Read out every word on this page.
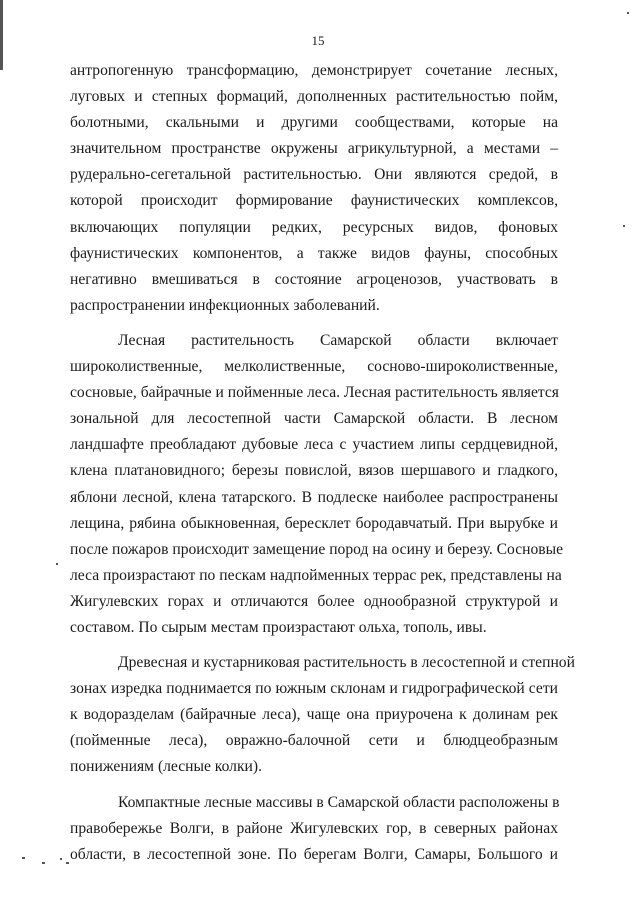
15
антропогенную трансформацию, демонстрирует сочетание лесных,
луговых и степных формаций, дополненных растительностью пойм,
болотными, скальными и другими сообществами, которые на
значительном пространстве окружены агрикультурной, а местами –
рудерально-сегетальной растительностью. Они являются средой, в
которой происходит формирование фаунистических комплексов,
включающих популяции редких, ресурсных видов, фоновых
фаунистических компонентов, а также видов фауны, способных
негативно вмешиваться в состояние агроценозов, участвовать в
распространении инфекционных заболеваний.
Лесная растительность Самарской области включает
широколиственные, мелколиственные, сосново-широколиственные,
сосновые, байрачные и пойменные леса. Лесная растительность является
зональной для лесостепной части Самарской области. В лесном
ландшафте преобладают дубовые леса с участием липы сердцевидной,
клена платановидного; березы повислой, вязов шершавого и гладкого,
яблони лесной, клена татарского. В подлеске наиболее распространены
лещина, рябина обыкновенная, бересклет бородавчатый. При вырубке и
после пожаров происходит замещение пород на осину и березу. Сосновые
леса произрастают по пескам надпойменных террас рек, представлены на
Жигулевских горах и отличаются более однообразной структурой и
составом. По сырым местам произрастают ольха, тополь, ивы.
Древесная и кустарниковая растительность в лесостепной и степной
зонах изредка поднимается по южным склонам и гидрографической сети
к водоразделам (байрачные леса), чаще она приурочена к долинам рек
(пойменные леса), овражно-балочной сети и блюдцеобразным
понижениям (лесные колки).
Компактные лесные массивы в Самарской области расположены в
правобережье Волги, в районе Жигулевских гор, в северных районах
области, в лесостепной зоне. По берегам Волги, Самары, Большого и
